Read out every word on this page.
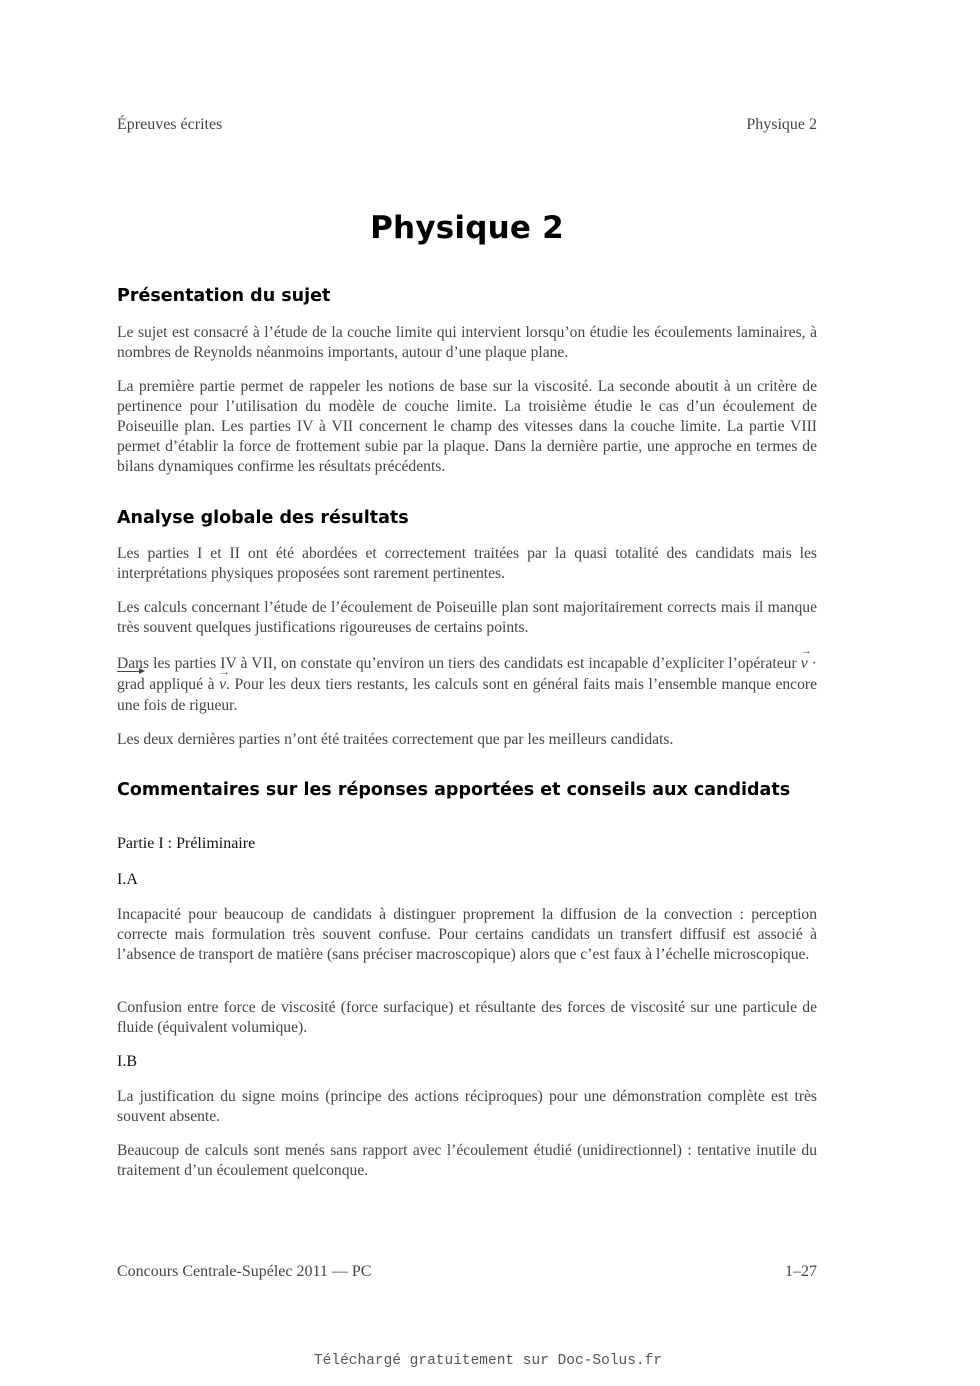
Épreuves écrites	Physique 2
Physique 2
Présentation du sujet
Le sujet est consacré à l’étude de la couche limite qui intervient lorsqu’on étudie les écoulements laminaires, à nombres de Reynolds néanmoins importants, autour d’une plaque plane.
La première partie permet de rappeler les notions de base sur la viscosité. La seconde aboutit à un critère de pertinence pour l’utilisation du modèle de couche limite. La troisième étudie le cas d’un écoulement de Poiseuille plan. Les parties IV à VII concernent le champ des vitesses dans la couche limite. La partie VIII permet d’établir la force de frottement subie par la plaque. Dans la dernière partie, une approche en termes de bilans dynamiques confirme les résultats précédents.
Analyse globale des résultats
Les parties I et II ont été abordées et correctement traitées par la quasi totalité des candidats mais les interprétations physiques proposées sont rarement pertinentes.
Les calculs concernant l’étude de l’écoulement de Poiseuille plan sont majoritairement corrects mais il manque très souvent quelques justifications rigoureuses de certains points.
Dans les parties IV à VII, on constate qu’environ un tiers des candidats est incapable d’expliciter l’opérateur → v · grad appliqué à → v. Pour les deux tiers restants, les calculs sont en général faits mais l’ensemble manque encore une fois de rigueur.
Les deux dernières parties n’ont été traitées correctement que par les meilleurs candidats.
Commentaires sur les réponses apportées et conseils aux candidats
Partie I : Préliminaire
I.A
Incapacité pour beaucoup de candidats à distinguer proprement la diffusion de la convection : perception correcte mais formulation très souvent confuse. Pour certains candidats un transfert diffusif est associé à l’absence de transport de matière (sans préciser macroscopique) alors que c’est faux à l’échelle microscopique.
Confusion entre force de viscosité (force surfacique) et résultante des forces de viscosité sur une particule de fluide (équivalent volumique).
I.B
La justification du signe moins (principe des actions réciproques) pour une démonstration complète est très souvent absente.
Beaucoup de calculs sont menés sans rapport avec l’écoulement étudié (unidirectionnel) : tentative inutile du traitement d’un écoulement quelconque.
Concours Centrale-Supélec 2011 — PC	1–27
Téléchargé gratuitement sur Doc-Solus.fr
